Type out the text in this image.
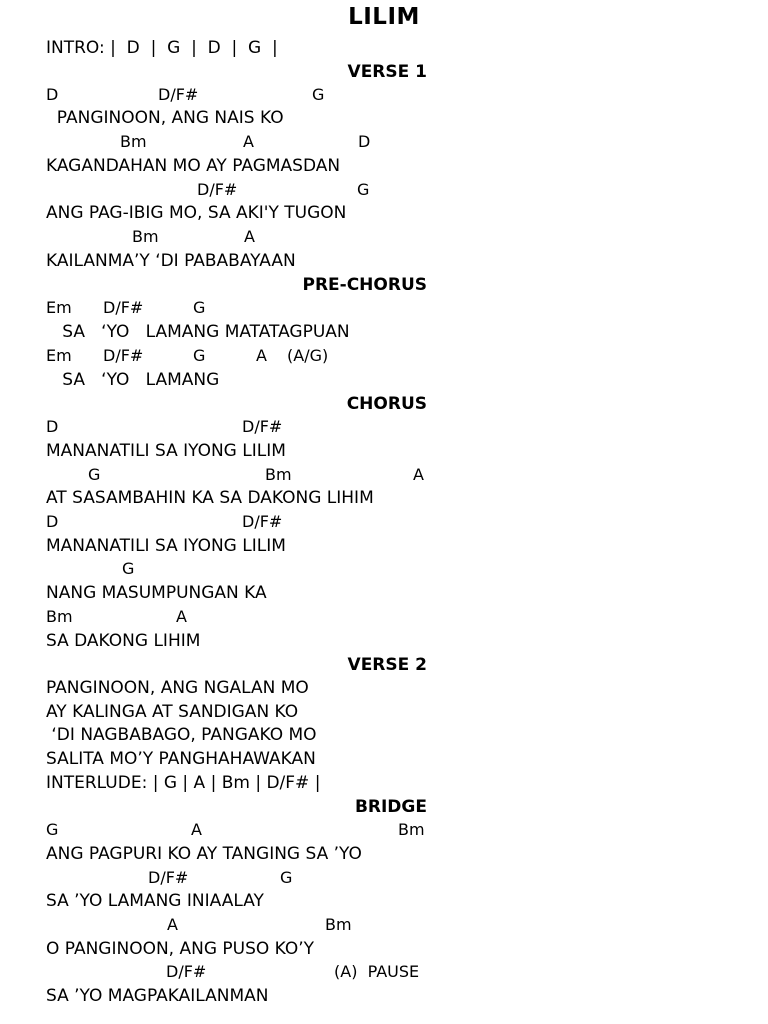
LILIM
INTRO: |  D  |  G  |  D  |  G  |
VERSE 1
D	D/F#	G
PANGINOON, ANG NAIS KO
Bm	A	D
KAGANDAHAN MO AY PAGMASDAN
D/F#	G
ANG PAG-IBIG MO, SA AKI'Y TUGON
Bm	A
KAILANMA’Y ‘DI PABABAYAAN
PRE-CHORUS
Em D/F#	G
SA   ‘YO   LAMANG MATATAGPUAN
Em D/F#	G	A (A/G)
SA   ‘YO   LAMANG
CHORUS
D	D/F#
MANANATILI SA IYONG LILIM
G	Bm	A
AT SASAMBAHIN KA SA DAKONG LIHIM
D	D/F#
MANANATILI SA IYONG LILIM
G
NANG MASUMPUNGAN KA
Bm	A
SA DAKONG LIHIM
VERSE 2
PANGINOON, ANG NGALAN MO
AY KALINGA AT SANDIGAN KO
‘DI NAGBABAGO, PANGAKO MO
SALITA MO’Y PANGHAHAWAKAN
INTERLUDE: | G | A | Bm | D/F# |
BRIDGE
G	A	Bm
ANG PAGPURI KO AY TANGING SA ’YO
D/F#	G
SA ’YO LAMANG INIAALAY
A	Bm
O PANGINOON, ANG PUSO KO’Y
D/F#	(A)  PAUSE
SA ’YO MAGPAKAILANMAN
